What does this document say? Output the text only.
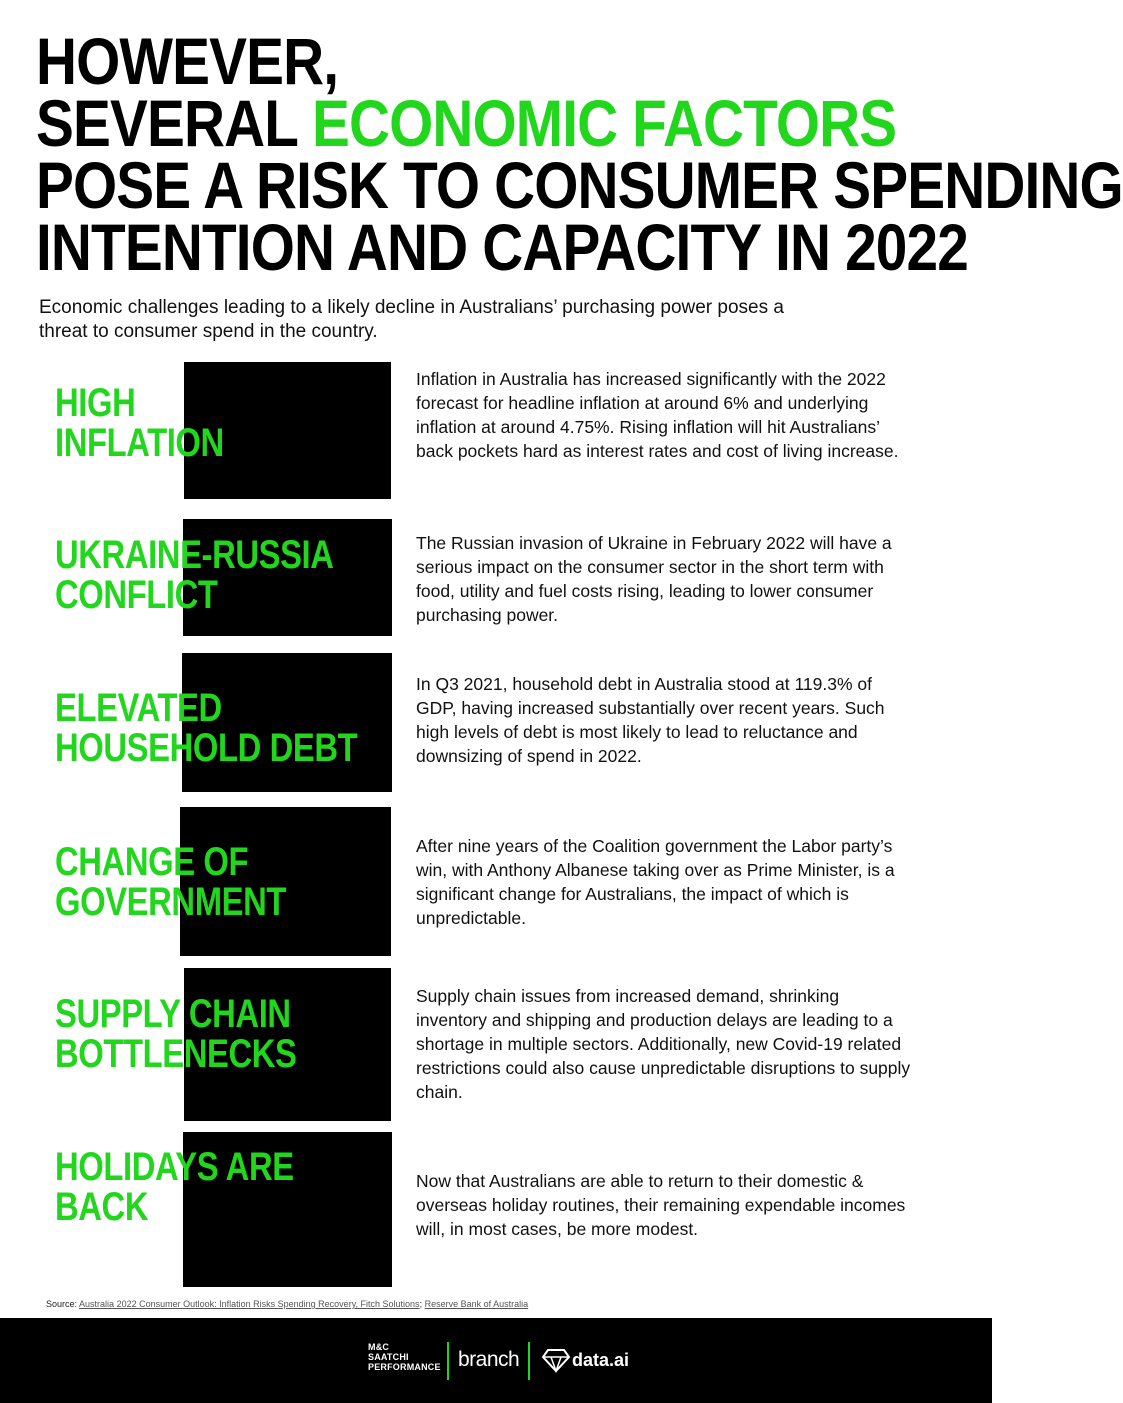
HOWEVER,
SEVERAL ECONOMIC FACTORS
POSE A RISK TO CONSUMER SPENDING
INTENTION AND CAPACITY IN 2022
Economic challenges leading to a likely decline in Australians’ purchasing power poses a threat to consumer spend in the country.
HIGH
INFLATION
Inflation in Australia has increased significantly with the 2022 forecast for headline inflation at around 6% and underlying inflation at around 4.75%. Rising inflation will hit Australians’ back pockets hard as interest rates and cost of living increase.
UKRAINE-RUSSIA
CONFLICT
The Russian invasion of Ukraine in February 2022 will have a serious impact on the consumer sector in the short term with food, utility and fuel costs rising, leading to lower consumer purchasing power.
ELEVATED
HOUSEHOLD DEBT
In Q3 2021, household debt in Australia stood at 119.3% of GDP, having increased substantially over recent years. Such high levels of debt is most likely to lead to reluctance and downsizing of spend in 2022.
CHANGE OF
GOVERNMENT
After nine years of the Coalition government the Labor party’s win, with Anthony Albanese taking over as Prime Minister, is a significant change for Australians, the impact of which is unpredictable.
SUPPLY CHAIN
BOTTLENECKS
Supply chain issues from increased demand, shrinking inventory and shipping and production delays are leading to a shortage in multiple sectors. Additionally, new Covid-19 related restrictions could also cause unpredictable disruptions to supply chain.
HOLIDAYS ARE
BACK
Now that Australians are able to return to their domestic & overseas holiday routines, their remaining expendable incomes will, in most cases, be more modest.
Source: Australia 2022 Consumer Outlook: Inflation Risks Spending Recovery, Fitch Solutions; Reserve Bank of Australia
M&C
SAATCHI
PERFORMANCE branch	data.ai
